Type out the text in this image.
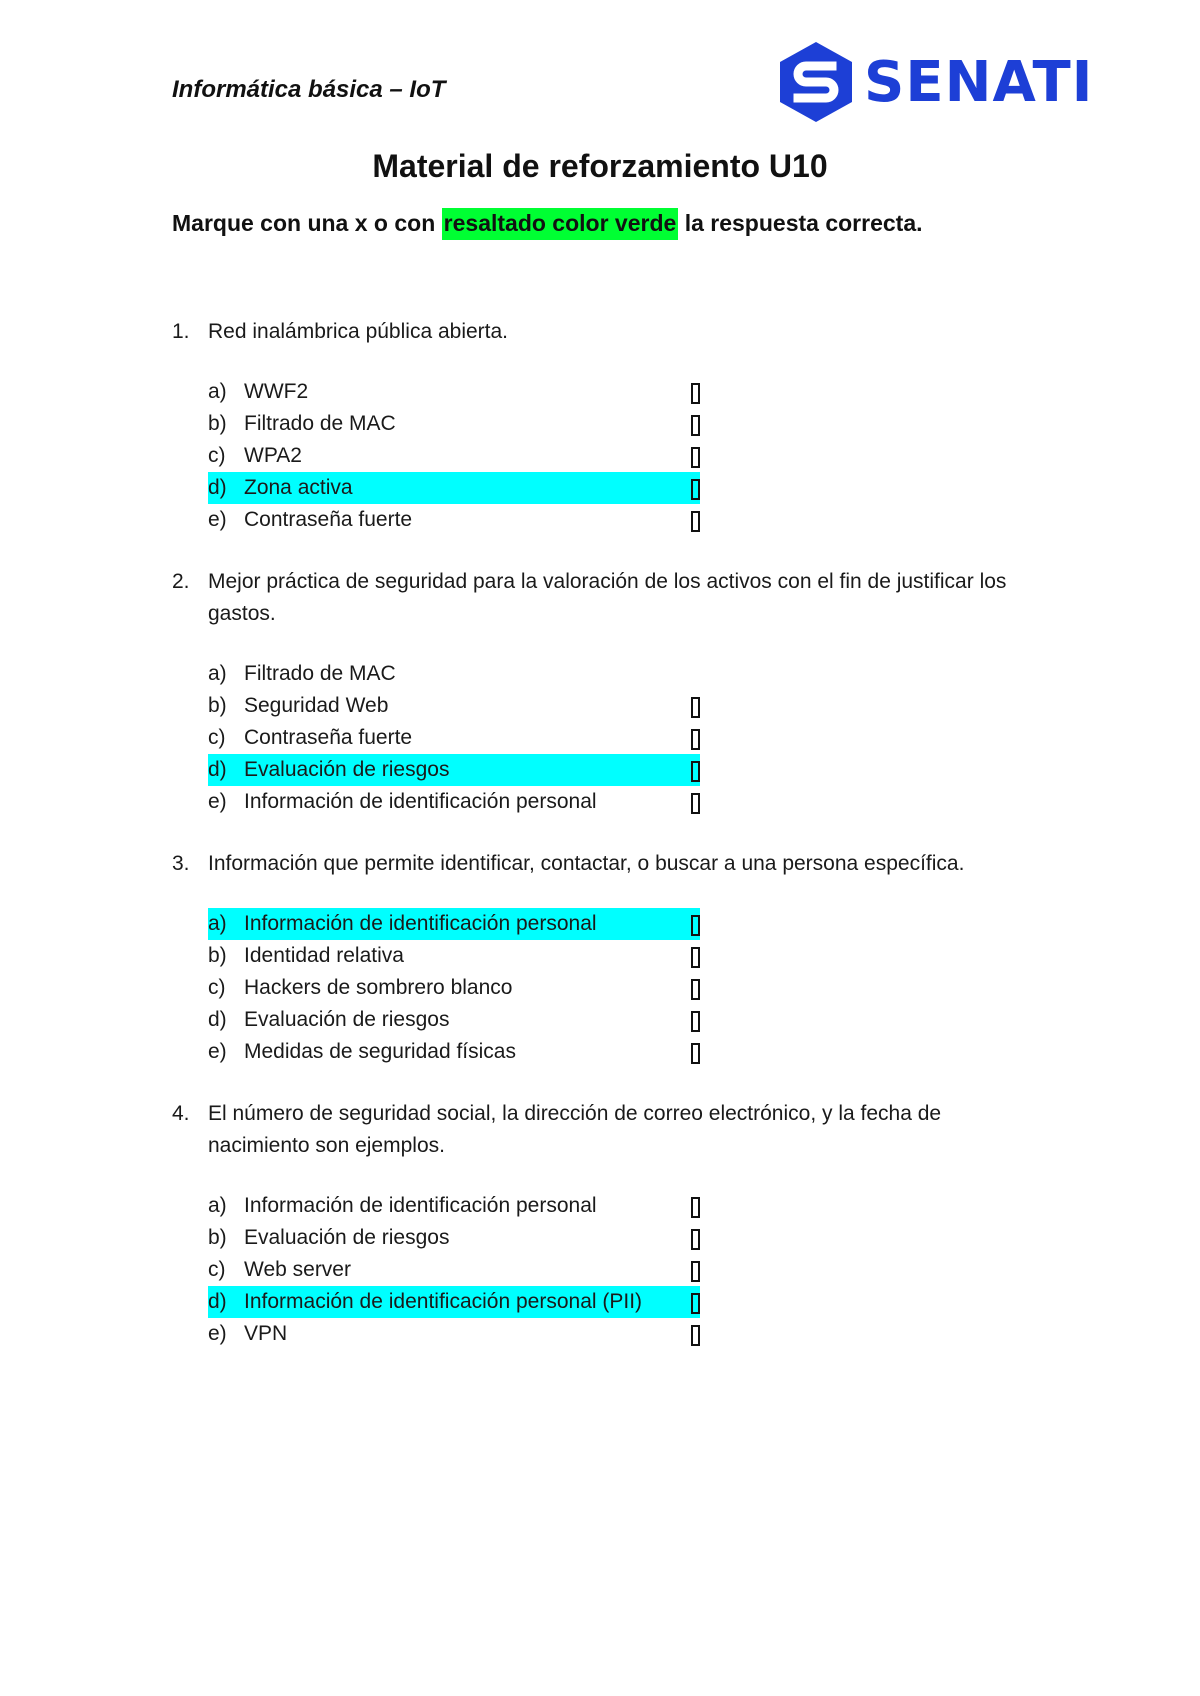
Informática básica – IoT	SENATI
Material de reforzamiento U10
Marque con una x o con resaltado color verde la respuesta correcta.
1. Red inalámbrica pública abierta.
a) WWF2
b) Filtrado de MAC
c) WPA2
d) Zona activa
e) Contraseña fuerte
2. Mejor práctica de seguridad para la valoración de los activos con el fin de justificar los gastos.
a) Filtrado de MAC
b) Seguridad Web
c) Contraseña fuerte
d) Evaluación de riesgos
e) Información de identificación personal
3. Información que permite identificar, contactar, o buscar a una persona específica.
a) Información de identificación personal
b) Identidad relativa
c) Hackers de sombrero blanco
d) Evaluación de riesgos
e) Medidas de seguridad físicas
4. El número de seguridad social, la dirección de correo electrónico, y la fecha de nacimiento son ejemplos.
a) Información de identificación personal
b) Evaluación de riesgos
c) Web server
d) Información de identificación personal (PII)
e) VPN
